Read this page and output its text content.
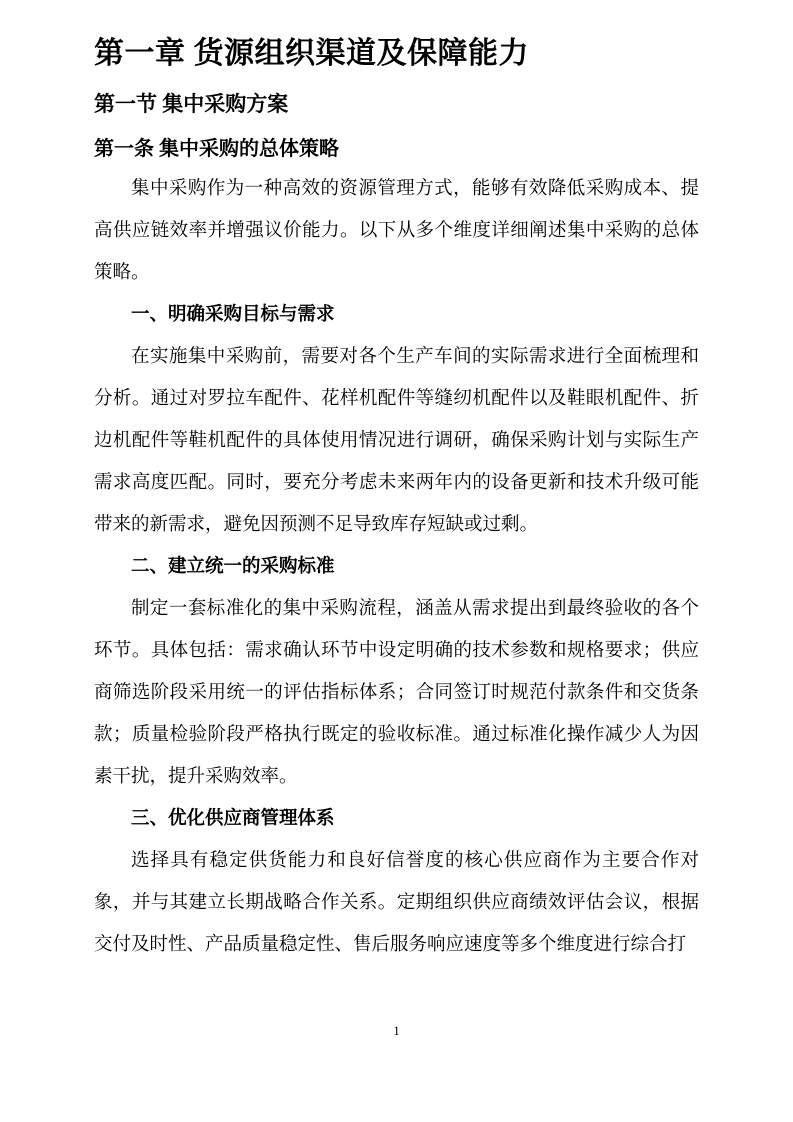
第一章 货源组织渠道及保障能力
第一节 集中采购方案
第一条 集中采购的总体策略

集中采购作为一种高效的资源管理方式，能够有效降低采购成本、提高供应链效率并增强议价能力。以下从多个维度详细阐述集中采购的总体策略。

一、明确采购目标与需求

在实施集中采购前，需要对各个生产车间的实际需求进行全面梳理和分析。通过对罗拉车配件、花样机配件等缝纫机配件以及鞋眼机配件、折边机配件等鞋机配件的具体使用情况进行调研，确保采购计划与实际生产需求高度匹配。同时，要充分考虑未来两年内的设备更新和技术升级可能带来的新需求，避免因预测不足导致库存短缺或过剩。

二、建立统一的采购标准

制定一套标准化的集中采购流程，涵盖从需求提出到最终验收的各个环节。具体包括：需求确认环节中设定明确的技术参数和规格要求；供应商筛选阶段采用统一的评估指标体系；合同签订时规范付款条件和交货条款；质量检验阶段严格执行既定的验收标准。通过标准化操作减少人为因素干扰，提升采购效率。

三、优化供应商管理体系

选择具有稳定供货能力和良好信誉度的核心供应商作为主要合作对象，并与其建立长期战略合作关系。定期组织供应商绩效评估会议，根据交付及时性、产品质量稳定性、售后服务响应速度等多个维度进行综合打

1
